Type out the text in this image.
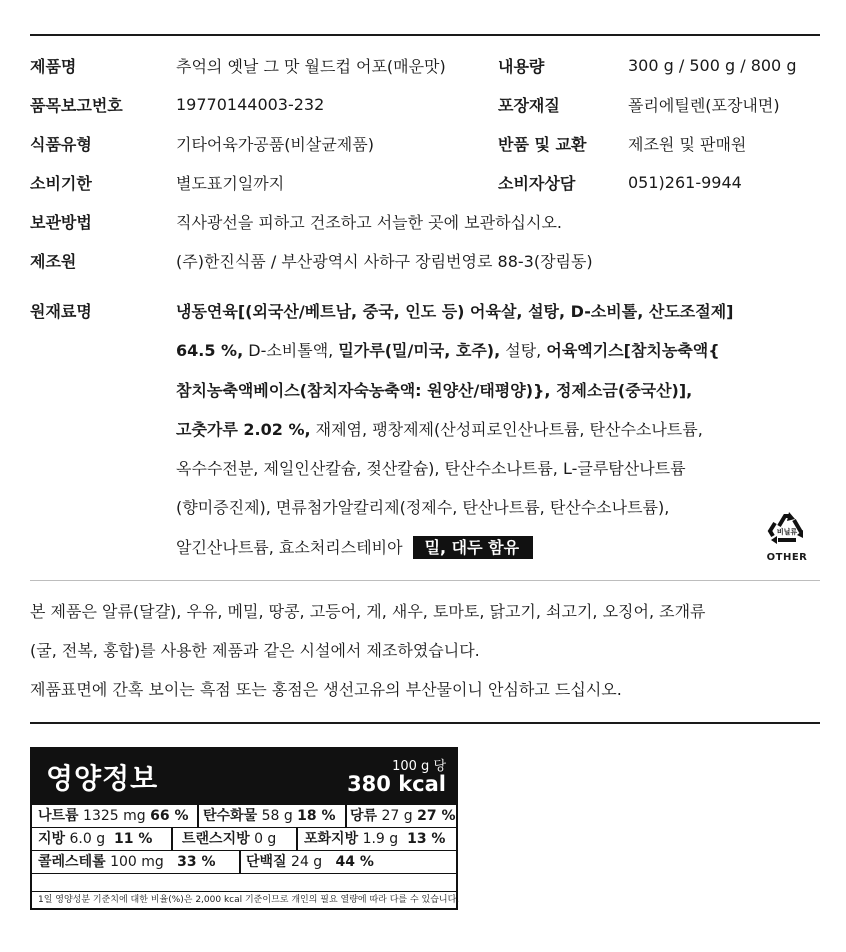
제품명	추억의 옛날 그 맛 월드컵 어포(매운맛)	내용량	300 g / 500 g / 800 g
품목보고번호	19770144003-232	포장재질	폴리에틸렌(포장내면)
식품유형	기타어육가공품(비살균제품)	반품 및 교환	제조원 및 판매원
소비기한	별도표기일까지	소비자상담	051)261-9944
보관방법	직사광선을 피하고 건조하고 서늘한 곳에 보관하십시오.
제조원	(주)한진식품 / 부산광역시 사하구 장림번영로 88-3(장림동)
원재료명	냉동연육[(외국산/베트남, 중국, 인도 등) 어육살, 설탕, D-소비톨, 산도조절제]
64.5 %, D-소비톨액, 밀가루(밀/미국, 호주), 설탕, 어육엑기스[참치농축액{
참치농축액베이스(참치자숙농축액: 원양산/태평양)}, 정제소금(중국산)],
고춧가루 2.02 %, 재제염, 팽창제제(산성피로인산나트륨, 탄산수소나트륨,
옥수수전분, 제일인산칼슘, 젖산칼슘), 탄산수소나트륨, L-글루탐산나트륨
(향미증진제), 면류첨가알칼리제(정제수, 탄산나트륨, 탄산수소나트륨),
알긴산나트륨, 효소처리스테비아 밀, 대두 함유
비닐류
OTHER
본 제품은 알류(달걀), 우유, 메밀, 땅콩, 고등어, 게, 새우, 토마토, 닭고기, 쇠고기, 오징어, 조개류
(굴, 전복, 홍합)를 사용한 제품과 같은 시설에서 제조하였습니다.
제품표면에 간혹 보이는 흑점 또는 홍점은 생선고유의 부산물이니 안심하고 드십시오.
영양정보	100 g 당
380 kcal
나트륨 1325 mg 66 % 탄수화물 58 g 18 % 당류 27 g 27 %
지방 6.0 g 11 % 트랜스지방 0 g 포화지방 1.9 g 13 %
콜레스테롤 100 mg 33 % 단백질 24 g 44 %
1일 영양성분 기준치에 대한 비율(%)은 2,000 kcal 기준이므로 개인의 필요 열량에 따라 다를 수 있습니다.
